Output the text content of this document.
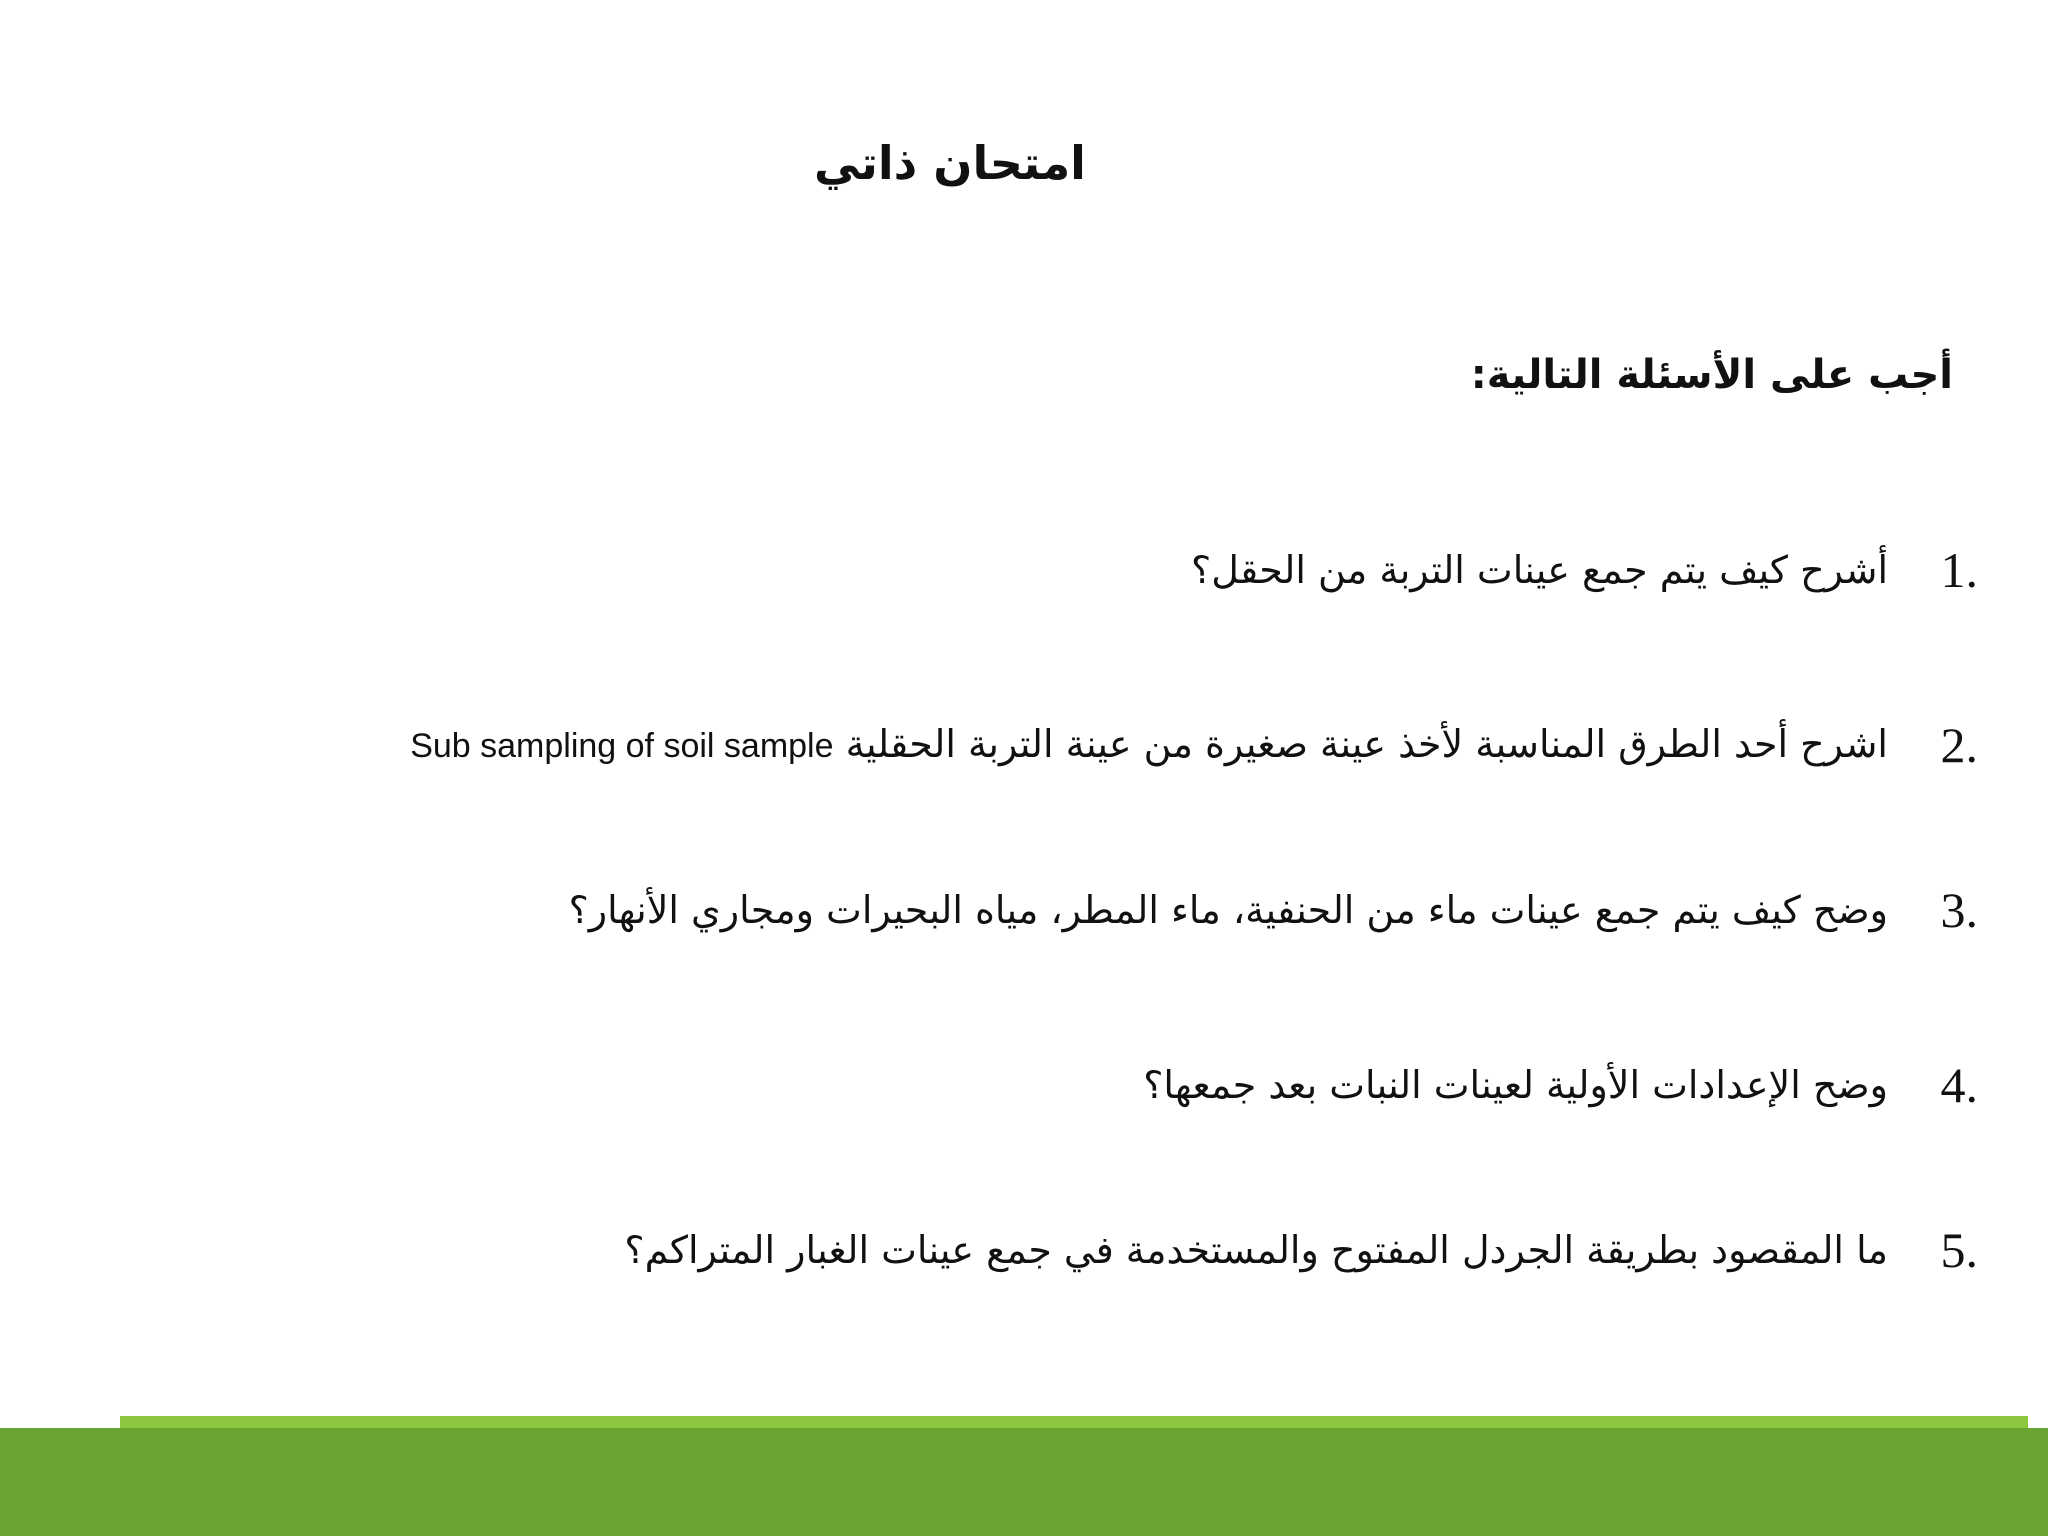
امتحان ذاتي
أجب على الأسئلة التالية:
أشرح كيف يتم جمع عينات التربة من الحقل؟	1.
اشرح أحد الطرق المناسبة لأخذ عينة صغيرة من عينة التربة الحقلية Sub sampling of soil sample	2.
وضح كيف يتم جمع عينات ماء من الحنفية، ماء المطر، مياه البحيرات ومجاري الأنهار؟	3.
وضح الإعدادات الأولية لعينات النبات بعد جمعها؟	4.
ما المقصود بطريقة الجردل المفتوح والمستخدمة في جمع عينات الغبار المتراكم؟	5.
